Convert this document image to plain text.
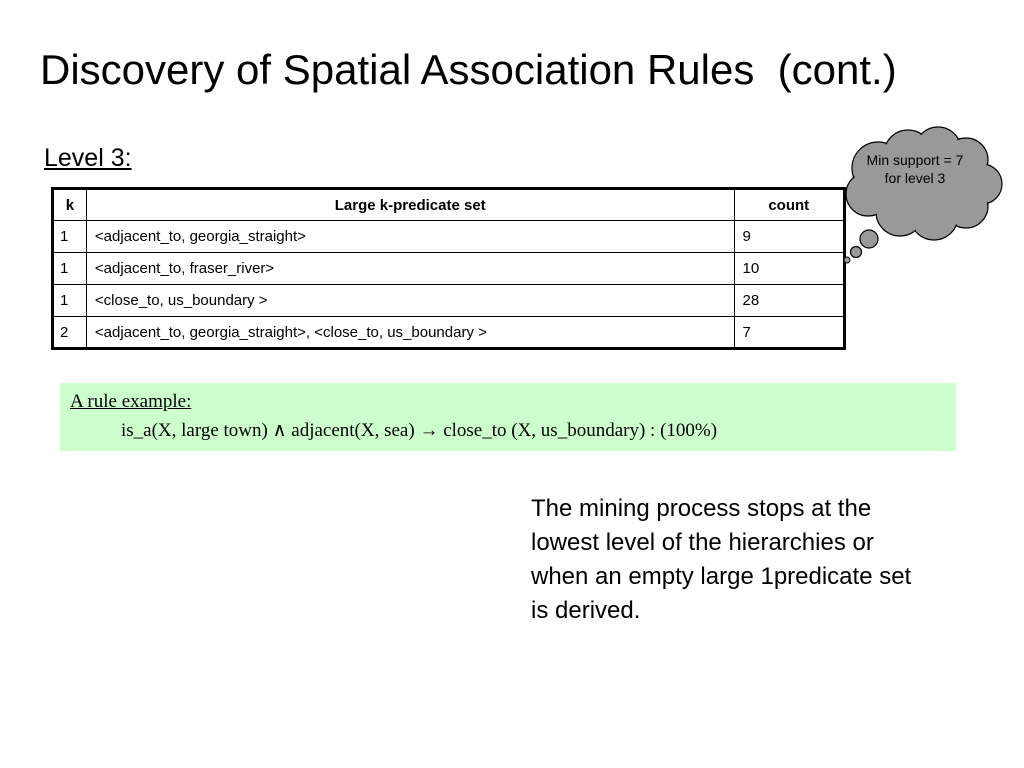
Discovery of Spatial Association Rules  (cont.)
Level 3:
k	Large k-predicate set	count
1	<adjacent_to, georgia_straight>	9
1	<adjacent_to, fraser_river>	10
1	<close_to, us_boundary >	28
2	<adjacent_to, georgia_straight>, <close_to, us_boundary >	7
Min support = 7 for level 3
A rule example:
is_a(X, large town) ∧ adjacent(X, sea) → close_to (X, us_boundary) : (100%)
The mining process stops at the lowest level of the hierarchies or when an empty large 1predicate set is derived.
